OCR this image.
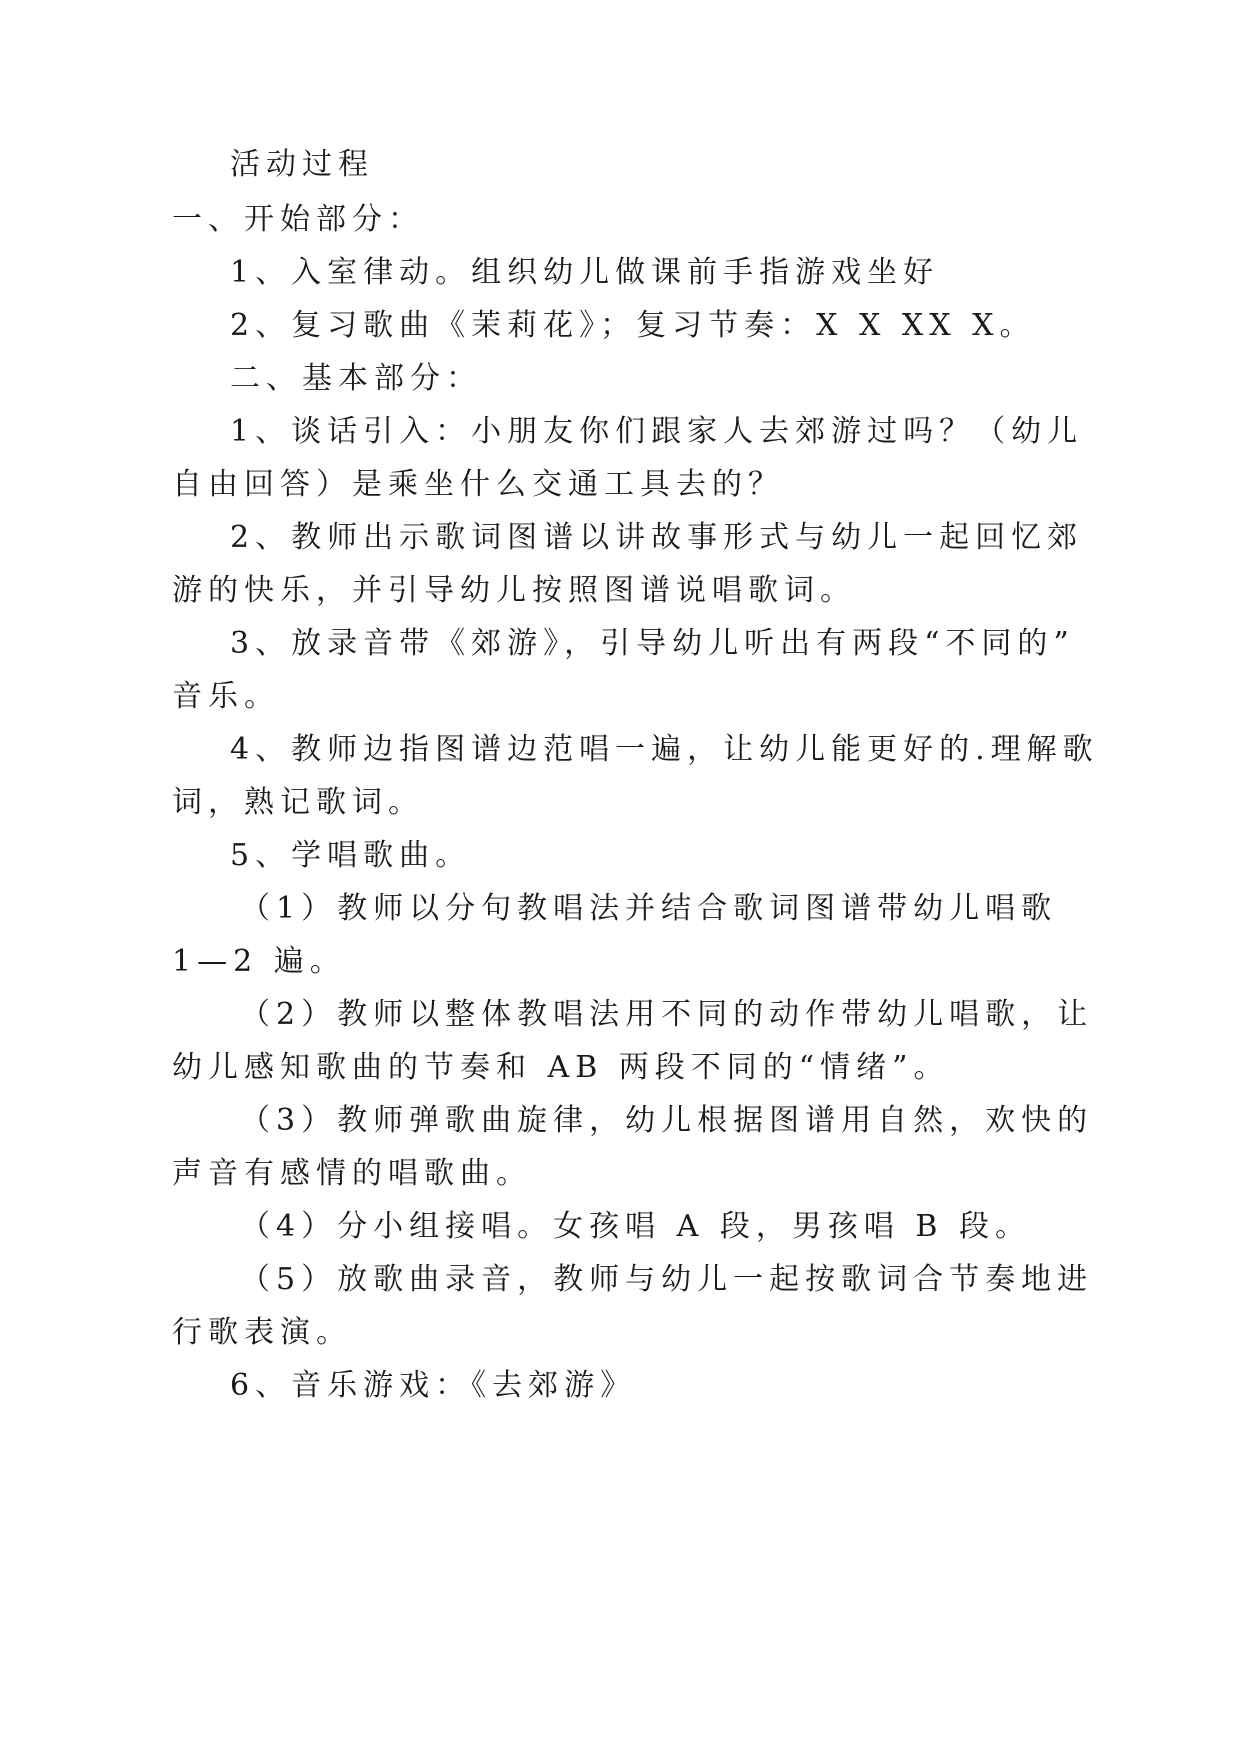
活动过程
一、开始部分：
1、入室律动。组织幼儿做课前手指游戏坐好
2、复习歌曲《茉莉花》；复习节奏：X X XX X。
二、基本部分：
1、谈话引入：小朋友你们跟家人去郊游过吗？（幼儿
自由回答）是乘坐什么交通工具去的？
2、教师出示歌词图谱以讲故事形式与幼儿一起回忆郊
游的快乐，并引导幼儿按照图谱说唱歌词。
3、放录音带《郊游》，引导幼儿听出有两段“不同的”
音乐。
4、教师边指图谱边范唱一遍，让幼儿能更好的.理解歌
词，熟记歌词。
5、学唱歌曲。
（1）教师以分句教唱法并结合歌词图谱带幼儿唱歌
1—2 遍。
（2）教师以整体教唱法用不同的动作带幼儿唱歌，让
幼儿感知歌曲的节奏和 AB 两段不同的“情绪”。
（3）教师弹歌曲旋律，幼儿根据图谱用自然，欢快的
声音有感情的唱歌曲。
（4）分小组接唱。女孩唱 A 段，男孩唱 B 段。
（5）放歌曲录音，教师与幼儿一起按歌词合节奏地进
行歌表演。
6、音乐游戏：《去郊游》
